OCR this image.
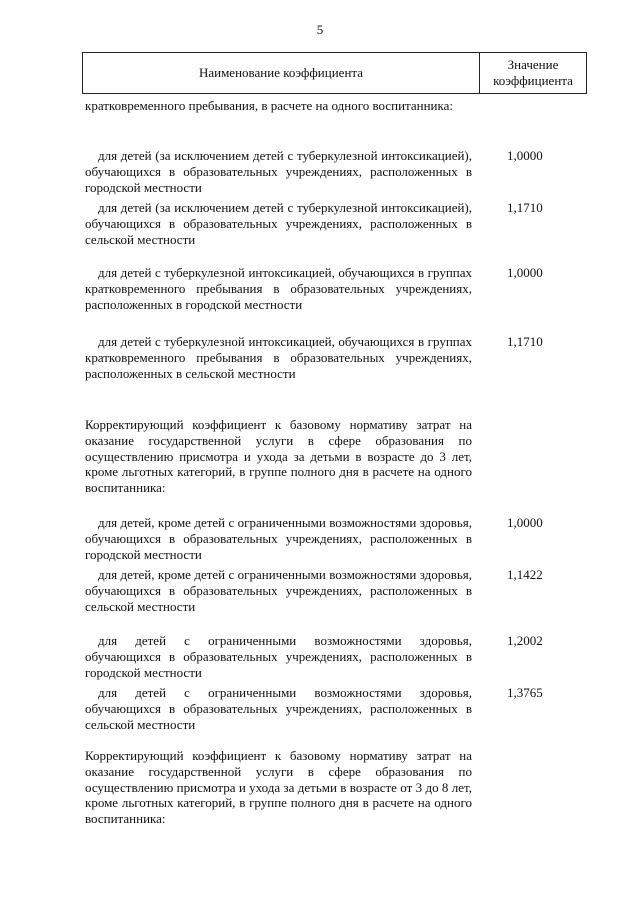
5
Наименование коэффициента
Значение
коэффициента
кратковременного пребывания, в расчете на одного воспитанника:
для детей (за исключением детей с туберкулезной интоксикацией), обучающихся в образовательных учреждениях, расположенных в городской местности
1,0000
для детей (за исключением детей с туберкулезной интоксикацией), обучающихся в образовательных учреждениях, расположенных в сельской местности
1,1710
для детей с туберкулезной интоксикацией, обучающихся в группах кратковременного пребывания в образовательных учреждениях, расположенных в городской местности
1,0000
для детей с туберкулезной интоксикацией, обучающихся в группах кратковременного пребывания в образовательных учреждениях, расположенных в сельской местности
1,1710
Корректирующий коэффициент к базовому нормативу затрат на оказание государственной услуги в сфере образования по осуществлению присмотра и ухода за детьми в возрасте до 3 лет, кроме льготных категорий, в группе полного дня в расчете на одного воспитанника:
для детей, кроме детей с ограниченными возможностями здоровья, обучающихся в образовательных учреждениях, расположенных в городской местности
1,0000
для детей, кроме детей с ограниченными возможностями здоровья, обучающихся в образовательных учреждениях, расположенных в сельской местности
1,1422
для детей с ограниченными возможностями здоровья, обучающихся в образовательных учреждениях, расположенных в городской местности
1,2002
для детей с ограниченными возможностями здоровья, обучающихся в образовательных учреждениях, расположенных в сельской местности
1,3765
Корректирующий коэффициент к базовому нормативу затрат на оказание государственной услуги в сфере образования по осуществлению присмотра и ухода за детьми в возрасте от 3 до 8 лет, кроме льготных категорий, в группе полного дня в расчете на одного воспитанника:
